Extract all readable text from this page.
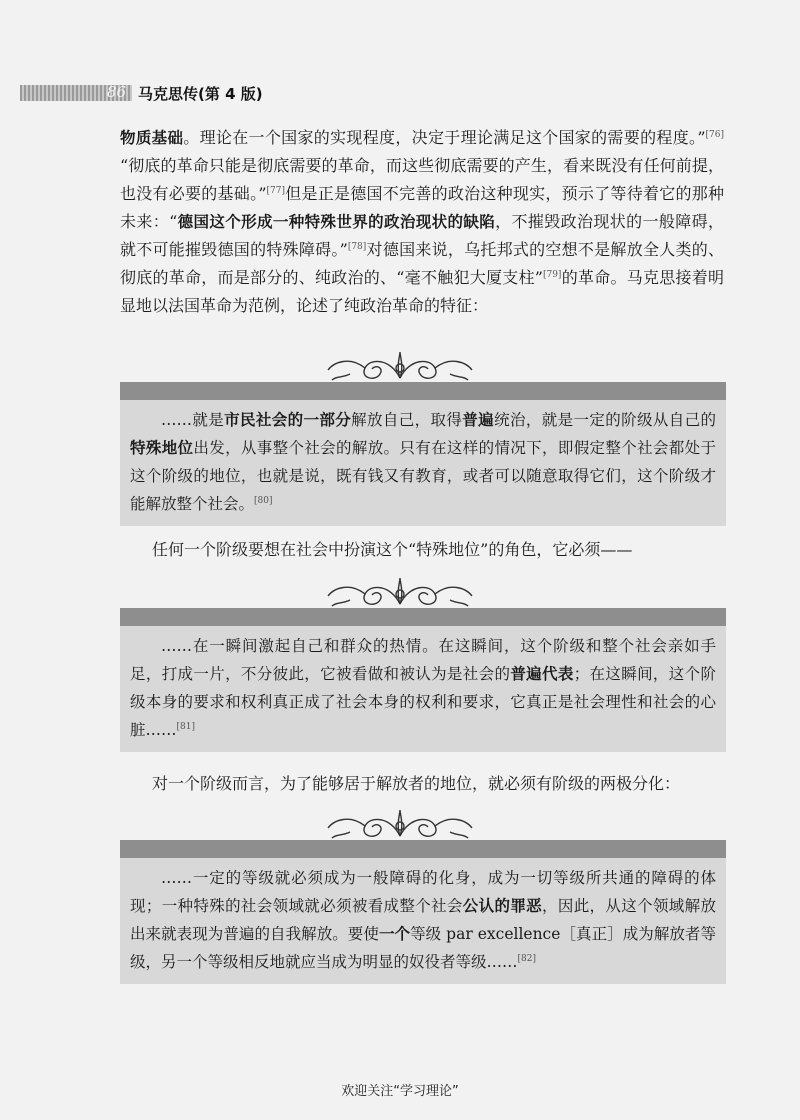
86 马克思传(第 4 版)

物质基础。理论在一个国家的实现程度，决定于理论满足这个国家的需要的程度。”[76] “彻底的革命只能是彻底需要的革命，而这些彻底需要的产生，看来既没有任何前提，也没有必要的基础。”[77]但是正是德国不完善的政治这种现实，预示了等待着它的那种未来：“德国这个形成一种特殊世界的政治现状的缺陷，不摧毁政治现状的一般障碍，就不可能摧毁德国的特殊障碍。”[78]对德国来说，乌托邦式的空想不是解放全人类的、彻底的革命，而是部分的、纯政治的、“毫不触犯大厦支柱”[79]的革命。马克思接着明显地以法国革命为范例，论述了纯政治革命的特征：

  ……就是市民社会的一部分解放自己，取得普遍统治，就是一定的阶级从自己的特殊地位出发，从事整个社会的解放。只有在这样的情况下，即假定整个社会都处于这个阶级的地位，也就是说，既有钱又有教育，或者可以随意取得它们，这个阶级才能解放整个社会。[80]

任何一个阶级要想在社会中扮演这个“特殊地位”的角色，它必须——

  ……在一瞬间激起自己和群众的热情。在这瞬间，这个阶级和整个社会亲如手足，打成一片，不分彼此，它被看做和被认为是社会的普遍代表；在这瞬间，这个阶级本身的要求和权利真正成了社会本身的权利和要求，它真正是社会理性和社会的心脏……[81]

对一个阶级而言，为了能够居于解放者的地位，就必须有阶级的两极分化：

  ……一定的等级就必须成为一般障碍的化身，成为一切等级所共通的障碍的体现；一种特殊的社会领域就必须被看成整个社会公认的罪恶，因此，从这个领域解放出来就表现为普遍的自我解放。要使一个等级 par excellence［真正］成为解放者等级，另一个等级相反地就应当成为明显的奴役者等级……[82]

欢迎关注“学习理论”
